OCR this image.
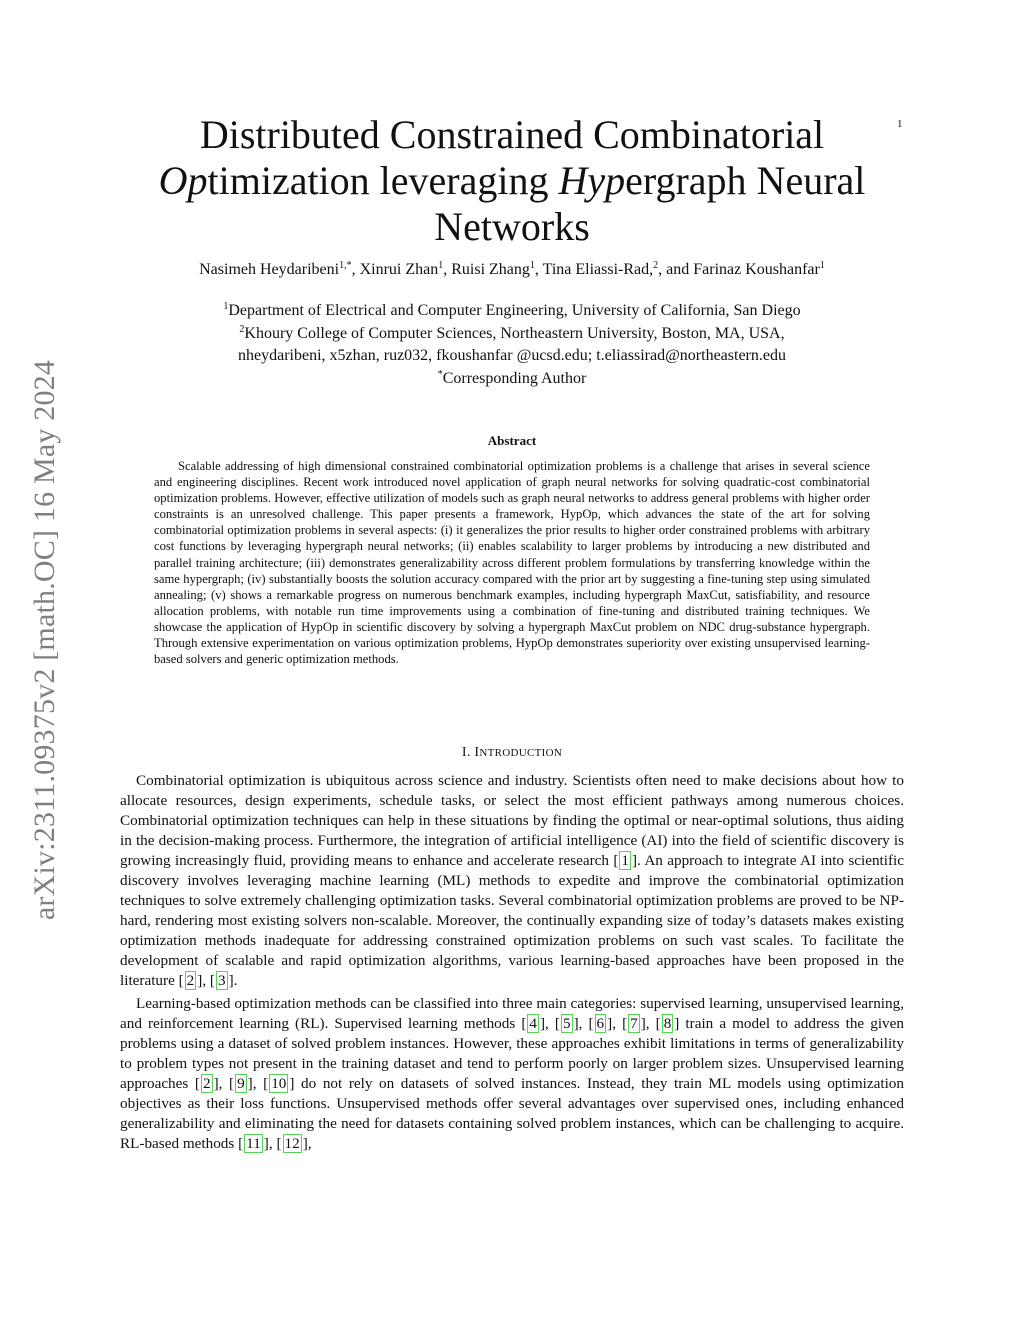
1
arXiv:2311.09375v2 [math.OC] 16 May 2024
Distributed Constrained Combinatorial
Optimization leveraging Hypergraph Neural
Networks
Nasimeh Heydaribeni$^{1,*}$, Xinrui Zhan$^1$, Ruisi Zhang$^1$, Tina Eliassi-Rad,$^2$, and Farinaz Koushanfar$^1$
$^1$Department of Electrical and Computer Engineering, University of California, San Diego
$^2$Khoury College of Computer Sciences, Northeastern University, Boston, MA, USA,
nheydaribeni, x5zhan, ruz032, fkoushanfar @ucsd.edu; t.eliassirad@northeastern.edu
*Corresponding Author
Abstract
Scalable addressing of high dimensional constrained combinatorial optimization problems is a challenge that arises in several science and engineering disciplines. Recent work introduced novel application of graph neural networks for solving quadratic-cost combinatorial optimization problems. However, effective utilization of models such as graph neural networks to address general problems with higher order constraints is an unresolved challenge. This paper presents a framework, HypOp, which advances the state of the art for solving combinatorial optimization problems in several aspects: (i) it generalizes the prior results to higher order constrained problems with arbitrary cost functions by leveraging hypergraph neural networks; (ii) enables scalability to larger problems by introducing a new distributed and parallel training architecture; (iii) demonstrates generalizability across different problem formulations by transferring knowledge within the same hypergraph; (iv) substantially boosts the solution accuracy compared with the prior art by suggesting a fine-tuning step using simulated annealing; (v) shows a remarkable progress on numerous benchmark examples, including hypergraph MaxCut, satisfiability, and resource allocation problems, with notable run time improvements using a combination of fine-tuning and distributed training techniques. We showcase the application of HypOp in scientific discovery by solving a hypergraph MaxCut problem on NDC drug-substance hypergraph. Through extensive experimentation on various optimization problems, HypOp demonstrates superiority over existing unsupervised learning-based solvers and generic optimization methods.
I. INTRODUCTION

Combinatorial optimization is ubiquitous across science and industry. Scientists often need to make decisions about how to allocate resources, design experiments, schedule tasks, or select the most efficient pathways among numerous choices. Combinatorial optimization techniques can help in these situations by finding the optimal or near-optimal solutions, thus aiding in the decision-making process. Furthermore, the integration of artificial intelligence (AI) into the field of scientific discovery is growing increasingly fluid, providing means to enhance and accelerate research [ 1 ]. An approach to integrate AI into scientific discovery involves leveraging machine learning (ML) methods to expedite and improve the combinatorial optimization techniques to solve extremely challenging optimization tasks. Several combinatorial optimization problems are proved to be NP-hard, rendering most existing solvers non-scalable. Moreover, the continually expanding size of today’s datasets makes existing optimization methods inadequate for addressing constrained optimization problems on such vast scales. To facilitate the development of scalable and rapid optimization algorithms, various learning-based approaches have been proposed in the literature [ 2 ], [ 3 ].

Learning-based optimization methods can be classified into three main categories: supervised learning, unsupervised learning, and reinforcement learning (RL). Supervised learning methods [ 4 ], [ 5 ], [ 6 ], [ 7 ], [ 8 ] train a model to address the given problems using a dataset of solved problem instances. However, these approaches exhibit limitations in terms of generalizability to problem types not present in the training dataset and tend to perform poorly on larger problem sizes. Unsupervised learning approaches [ 2 ], [ 9 ], [ 10 ] do not rely on datasets of solved instances. Instead, they train ML models using optimization objectives as their loss functions. Unsupervised methods offer several advantages over supervised ones, including enhanced generalizability and eliminating the need for datasets containing solved problem instances, which can be challenging to acquire. RL-based methods [ 11 ], [ 12 ],
